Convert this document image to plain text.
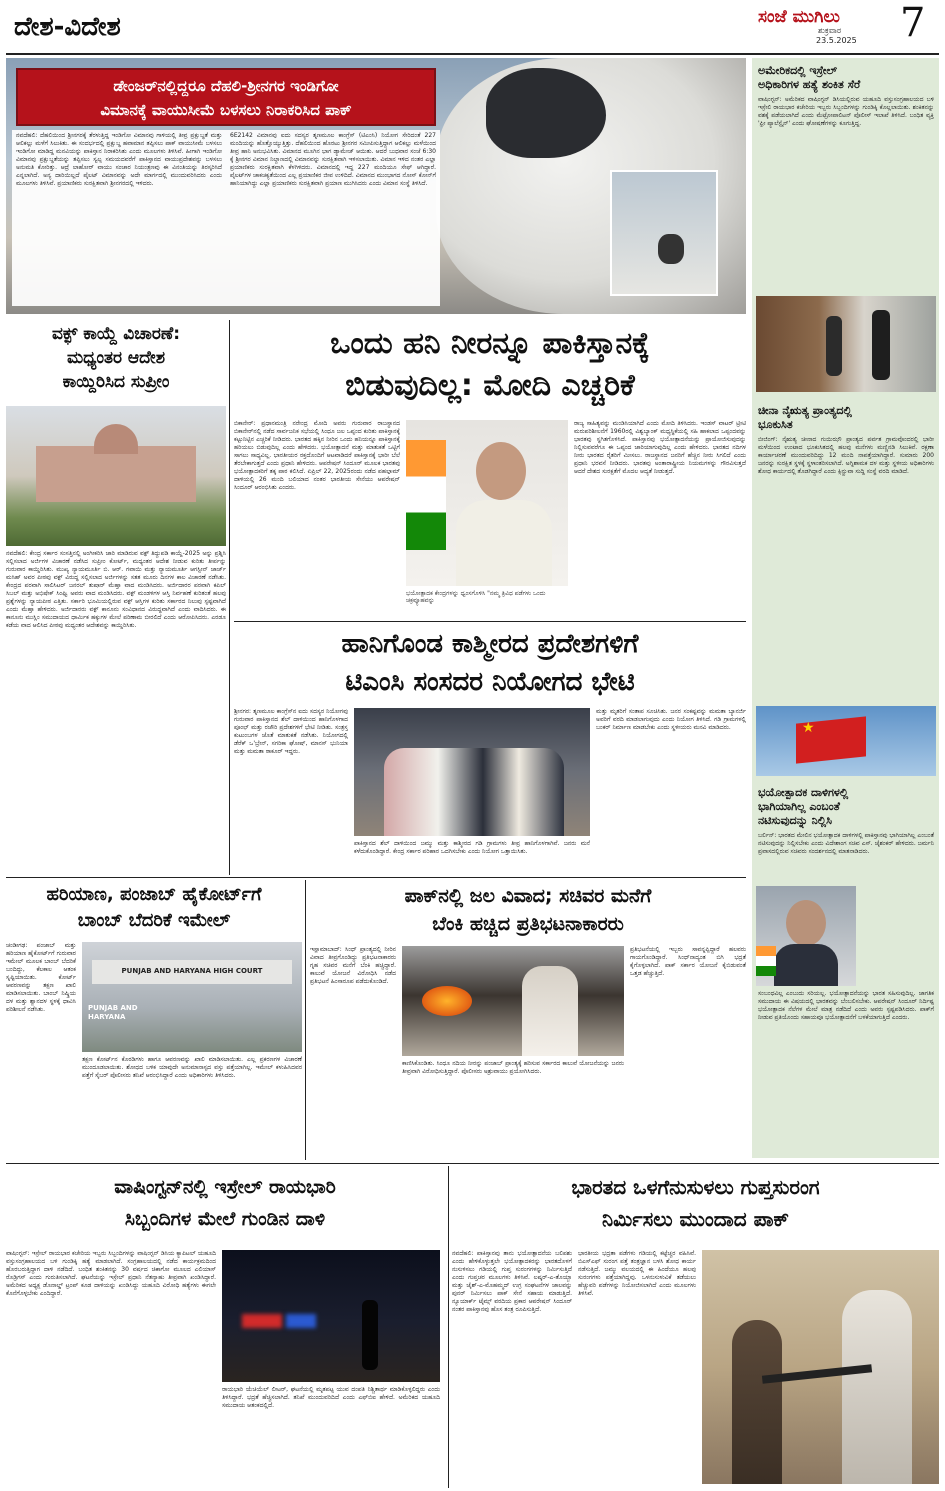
ದೇಶ-ವಿದೇಶ	ಸಂಜೆ ಮುಗಿಲು
ಶುಕ್ರವಾರ
23.5.2025 7
ಡೇಂಜರ್‌ನಲ್ಲಿದ್ದರೂ ದೆಹಲಿ-ಶ್ರೀನಗರ ಇಂಡಿಗೋ
ವಿಮಾನಕ್ಕೆ ವಾಯುಸೀಮೆ ಬಳಸಲು ನಿರಾಕರಿಸಿದ ಪಾಕ್
ನವದೆಹಲಿ: ದೆಹಲಿಯಿಂದ ಶ್ರೀನಗರಕ್ಕೆ ತೆರಳುತ್ತಿದ್ದ ಇಂಡಿಗೋ ವಿಮಾನವು ಗಾಳಿಯಲ್ಲಿ ತೀವ್ರ ಪ್ರಕ್ಷುಬ್ಧತೆ ಮತ್ತು ಆಲಿಕಲ್ಲು ಮಳೆಗೆ ಸಿಲುಕಿತು. ಈ ಸಂದರ್ಭದಲ್ಲಿ ಪ್ರಕ್ಷುಬ್ಧ ಹವಾಮಾನ ತಪ್ಪಿಸಲು ಪಾಕ್ ವಾಯುಸೀಮೆ ಬಳಸಲು ಇಂಡಿಗೋ ಮಾಡಿದ್ದ ಮನವಿಯನ್ನು ಪಾಕಿಸ್ತಾನ ನಿರಾಕರಿಸಿತು ಎಂದು ಮೂಲಗಳು ತಿಳಿಸಿವೆ. ಹೀಗಾಗಿ ಇಂಡಿಗೋ ವಿಮಾನವು ಪ್ರಕ್ಷುಬ್ಧತೆಯನ್ನು ತಪ್ಪಿಸಲು ಸ್ವಲ್ಪ ಸಮಯದವರೆಗೆ ಪಾಕಿಸ್ತಾನದ ವಾಯುಪ್ರದೇಶವನ್ನು ಬಳಸಲು ಅನುಮತಿ ಕೋರಿತ್ತು. ಆದ್ರೆ ಲಾಹೋರ್ ವಾಯು ಸಂಚಾರ ನಿಯಂತ್ರಣವು ಈ ವಿನಂತಿಯನ್ನು ತಿರಸ್ಕರಿಸಿದೆ ಎನ್ನಲಾಗಿದೆ. ಅನ್ಯ ದಾರಿಯಿಲ್ಲದೆ ಪೈಲಟ್ ವಿಮಾನವನ್ನು ಅದೇ ಮಾರ್ಗದಲ್ಲಿ ಮುಂದುವರಿಸಿದರು ಎಂದು ಮೂಲಗಳು ತಿಳಿಸಿವೆ. ಪ್ರಯಾಣಿಕರು ಸುರಕ್ಷಿತವಾಗಿ ಶ್ರೀನಗರದಲ್ಲಿ ಇಳಿದರು.
6E2142 ವಿಮಾನವು ಐದು ಸದಸ್ಯರ ತೃಣಮೂಲ ಕಾಂಗ್ರೆಸ್ (ಟಿಎಂಸಿ) ನಿಯೋಗ ಸೇರಿದಂತೆ 227 ಮಂದಿಯನ್ನು ಹೊತ್ತೊಯ್ಯುತ್ತಿತ್ತು. ದೆಹಲಿಯಿಂದ ಹೊರಟು ಶ್ರೀನಗರ ಸಮೀಪಿಸುತ್ತಿದ್ದಾಗ ಆಲಿಕಲ್ಲು ಮಳೆಯಿಂದ ತೀವ್ರ ಹಾನಿ ಅನುಭವಿಸಿತು. ವಿಮಾನದ ಮೂಗಿನ ಭಾಗ ಡ್ಯಾಮೇಜ್ ಆಯಿತು. ಆದರೆ ಬುಧವಾರ ಸಂಜೆ 6:30 ಕ್ಕೆ ಶ್ರೀನಗರ ವಿಮಾನ ನಿಲ್ದಾಣದಲ್ಲಿ ವಿಮಾನವನ್ನು ಸುರಕ್ಷಿತವಾಗಿ ಇಳಿಸಲಾಯಿತು. ವಿಮಾನ ಇಳಿದ ನಂತರ ಎಲ್ಲಾ ಪ್ರಯಾಣಿಕರು ಸುರಕ್ಷಿತವಾಗಿ ಕೆಳಗಿಳಿದರು. ವಿಮಾನದಲ್ಲಿ ಇದ್ದ 227 ಮಂದಿಯೂ ಸೇಫ್ ಆಗಿದ್ದಾರೆ. ಪೈಲಟ್‌ಗಳ ಚಾಕಚಕ್ಯತೆಯಿಂದ ಎಲ್ಲ ಪ್ರಯಾಣಿಕರ ಜೀವ ಉಳಿದಿದೆ. ವಿಮಾನದ ಮುಂಭಾಗದ ನೋಸ್ ಕೋನ್‌ಗೆ ಹಾನಿಯಾಗಿದ್ದು ಎಲ್ಲಾ ಪ್ರಯಾಣಿಕರು ಸುರಕ್ಷಿತವಾಗಿ ಪ್ರಯಾಣ ಮುಗಿಸಿದರು ಎಂದು ವಿಮಾನ ಸಂಸ್ಥೆ ತಿಳಿಸಿದೆ.
ಅಮೇರಿಕದಲ್ಲಿ ಇಸ್ರೇಲ್
ಅಧಿಕಾರಿಗಳ ಹತ್ಯೆ ಶಂಕಿತ ಸೆರೆ
ವಾಷಿಂಗ್ಟನ್: ಅಮೆರಿಕದ ವಾಷಿಂಗ್ಟನ್ ಡಿಸಿಯಲ್ಲಿರುವ ಯಹೂದಿ ವಸ್ತುಸಂಗ್ರಹಾಲಯದ ಬಳಿ ಇಸ್ರೇಲಿ ರಾಯಭಾರ ಕಚೇರಿಯ ಇಬ್ಬರು ಸಿಬ್ಬಂದಿಗಳನ್ನು ಗುಂಡಿಕ್ಕಿ ಕೊಲ್ಲಲಾಯಿತು. ಶಂಕಿತನನ್ನು ವಶಕ್ಕೆ ಪಡೆಯಲಾಗಿದೆ ಎಂದು ಮೆಟ್ರೋಪಾಲಿಟನ್ ಪೊಲೀಸ್ ಇಲಾಖೆ ತಿಳಿಸಿದೆ. ಬಂಧಿತ ವ್ಯಕ್ತಿ 'ಫ್ರೀ ಪ್ಯಾಲೆಸ್ಟೈನ್' ಎಂದು ಘೋಷಣೆಗಳನ್ನು ಕೂಗುತ್ತಿದ್ದ.
ಚೀನಾ ನೈಋತ್ಯ ಪ್ರಾಂತ್ಯದಲ್ಲಿ
ಭೂಕುಸಿತ
ಬೀಜಿಂಗ್: ನೈಋತ್ಯ ಚೀನಾದ ಗುಯಿಝೌ ಪ್ರಾಂತ್ಯದ ಪರ್ವತ ಗ್ರಾಮವೊಂದರಲ್ಲಿ ಭಾರೀ ಮಳೆಯಿಂದ ಉಂಟಾದ ಭೂಕುಸಿತದಲ್ಲಿ ಹಲವು ಮನೆಗಳು ಮಣ್ಣಿನಡಿ ಸಿಲುಕಿವೆ. ರಕ್ಷಣಾ ಕಾರ್ಯಾಚರಣೆ ಮುಂದುವರಿದಿದ್ದು 12 ಮಂದಿ ನಾಪತ್ತೆಯಾಗಿದ್ದಾರೆ. ಸುಮಾರು 200 ಜನರನ್ನು ಸುರಕ್ಷಿತ ಸ್ಥಳಕ್ಕೆ ಸ್ಥಳಾಂತರಿಸಲಾಗಿದೆ. ಅಗ್ನಿಶಾಮಕ ದಳ ಮತ್ತು ಸ್ಥಳೀಯ ಅಧಿಕಾರಿಗಳು ಶೋಧ ಕಾರ್ಯದಲ್ಲಿ ತೊಡಗಿದ್ದಾರೆ ಎಂದು ಕ್ಸಿನ್ಹುವಾ ಸುದ್ದಿ ಸಂಸ್ಥೆ ವರದಿ ಮಾಡಿದೆ.
★
ಭಯೋತ್ಪಾದಕ ದಾಳಿಗಳಲ್ಲಿ
ಭಾಗಿಯಾಗಿಲ್ಲ ಎಂಬಂತೆ
ನಟಿಸುವುದನ್ನು ನಿಲ್ಲಿಸಿ
ಬರ್ಲಿನ್: ಭಾರತದ ಮೇಲಿನ ಭಯೋತ್ಪಾದಕ ದಾಳಿಗಳಲ್ಲಿ ಪಾಕಿಸ್ತಾನವು ಭಾಗಿಯಾಗಿಲ್ಲ ಎಂಬಂತೆ ನಟಿಸುವುದನ್ನು ನಿಲ್ಲಿಸಬೇಕು ಎಂದು ವಿದೇಶಾಂಗ ಸಚಿವ ಎಸ್. ಜೈಶಂಕರ್ ಹೇಳಿದರು. ಜರ್ಮನಿ ಪ್ರವಾಸದಲ್ಲಿರುವ ಸಚಿವರು ಸಂದರ್ಶನದಲ್ಲಿ ಮಾತನಾಡಿದರು.
ಸಂಬಂಧವಿಲ್ಲ ಎಂಬುದು ಸರಿಯಲ್ಲ. ಭಯೋತ್ಪಾದನೆಯನ್ನು ಭಾರತ ಸಹಿಸುವುದಿಲ್ಲ. ಜಾಗತಿಕ ಸಮುದಾಯ ಈ ವಿಷಯದಲ್ಲಿ ಭಾರತವನ್ನು ಬೆಂಬಲಿಸಬೇಕು. ಆಪರೇಷನ್ ಸಿಂದೂರ್ ನಿರ್ದಿಷ್ಟ ಭಯೋತ್ಪಾದಕ ನೆಲೆಗಳ ಮೇಲೆ ಮಾತ್ರ ನಡೆದಿದೆ ಎಂದು ಅವರು ಸ್ಪಷ್ಟಪಡಿಸಿದರು. ಪಾಕ್‌ಗೆ ನೀಡುವ ಪ್ರತಿಯೊಂದು ಸಹಾಯವೂ ಭಯೋತ್ಪಾದನೆಗೆ ಬಳಕೆಯಾಗುತ್ತಿದೆ ಎಂದರು.
ವಕ್ಫ್ ಕಾಯ್ದೆ ವಿಚಾರಣೆ:
ಮಧ್ಯಂತರ ಆದೇಶ
ಕಾಯ್ದಿರಿಸಿದ ಸುಪ್ರೀಂ
ನವದೆಹಲಿ: ಕೇಂದ್ರ ಸರ್ಕಾರ ಸಂಸತ್ತಿನಲ್ಲಿ ಅಂಗೀಕರಿಸಿ ಜಾರಿ ಮಾಡಿರುವ ವಕ್ಫ್ ತಿದ್ದುಪಡಿ ಕಾಯ್ದೆ-2025 ಅನ್ನು ಪ್ರಶ್ನಿಸಿ ಸಲ್ಲಿಸಲಾದ ಅರ್ಜಿಗಳ ವಿಚಾರಣೆ ನಡೆಸಿದ ಸುಪ್ರೀಂ ಕೋರ್ಟ್, ಮಧ್ಯಂತರ ಆದೇಶ ನೀಡುವ ಕುರಿತು ತೀರ್ಪನ್ನು ಗುರುವಾರ ಕಾಯ್ದಿರಿಸಿತು. ಮುಖ್ಯ ನ್ಯಾಯಮೂರ್ತಿ ಬಿ. ಆರ್. ಗವಾಯಿ ಮತ್ತು ನ್ಯಾಯಮೂರ್ತಿ ಆಗಸ್ಟೀನ್ ಜಾರ್ಜ್ ಮಸಿಹ್ ಅವರ ಪೀಠವು ವಕ್ಫ್ ವಿರುದ್ಧ ಸಲ್ಲಿಸಲಾದ ಅರ್ಜಿಗಳನ್ನು ಸತತ ಮೂರು ದಿನಗಳ ಕಾಲ ವಿಚಾರಣೆ ನಡೆಸಿತು. ಕೇಂದ್ರದ ಪರವಾಗಿ ಸಾಲಿಸಿಟರ್ ಜನರಲ್ ತುಷಾರ್ ಮೆಹ್ತಾ ವಾದ ಮಂಡಿಸಿದರು. ಅರ್ಜಿದಾರರ ಪರವಾಗಿ ಕಪಿಲ್ ಸಿಬಲ್ ಮತ್ತು ಅಭಿಷೇಕ್ ಸಿಂಘ್ವಿ ಅವರು ವಾದ ಮಂಡಿಸಿದರು. ವಕ್ಫ್ ಮಂಡಳಿಗಳ ಆಸ್ತಿ ನಿರ್ವಹಣೆ ಕುರಿತಂತೆ ಹಲವು ಪ್ರಶ್ನೆಗಳನ್ನು ನ್ಯಾಯಪೀಠ ಎತ್ತಿತು. ಸರ್ಕಾರಿ ಭೂಮಿಯಲ್ಲಿರುವ ವಕ್ಫ್ ಆಸ್ತಿಗಳ ಕುರಿತು ಸರ್ಕಾರದ ನಿಲುವು ಸ್ಪಷ್ಟವಾಗಿದೆ ಎಂದು ಮೆಹ್ತಾ ಹೇಳಿದರು. ಅರ್ಜಿದಾರರು ವಕ್ಫ್ ಕಾನೂನು ಸಂವಿಧಾನದ ವಿರುದ್ಧವಾಗಿದೆ ಎಂದು ವಾದಿಸಿದರು. ಈ ಕಾನೂನು ಮುಸ್ಲಿಂ ಸಮುದಾಯದ ಧಾರ್ಮಿಕ ಹಕ್ಕುಗಳ ಮೇಲೆ ಪರಿಣಾಮ ಬೀರಲಿದೆ ಎಂದು ಆರೋಪಿಸಿದರು. ಎರಡೂ ಕಡೆಯ ವಾದ ಆಲಿಸಿದ ಪೀಠವು ಮಧ್ಯಂತರ ಆದೇಶವನ್ನು ಕಾಯ್ದಿರಿಸಿತು.
ಒಂದು ಹನಿ ನೀರನ್ನೂ ಪಾಕಿಸ್ತಾನಕ್ಕೆ
ಬಿಡುವುದಿಲ್ಲ: ಮೋದಿ ಎಚ್ಚರಿಕೆ
ಬಿಕಾನೇರ್: ಪ್ರಧಾನಮಂತ್ರಿ ನರೇಂದ್ರ ಮೋದಿ ಅವರು ಗುರುವಾರ ರಾಜಸ್ಥಾನದ ಬಿಕಾನೇರ್‌ನಲ್ಲಿ ನಡೆದ ಸಾರ್ವಜನಿಕ ಸಭೆಯಲ್ಲಿ ಸಿಂಧೂ ಜಲ ಒಪ್ಪಂದ ಕುರಿತು ಪಾಕಿಸ್ತಾನಕ್ಕೆ ಕಟ್ಟುನಿಟ್ಟಿನ ಎಚ್ಚರಿಕೆ ನೀಡಿದರು. ಭಾರತದ ಹಕ್ಕಿನ ನೀರಿನ ಒಂದು ಹನಿಯನ್ನೂ ಪಾಕಿಸ್ತಾನಕ್ಕೆ ಹರಿಯಲು ಬಿಡುವುದಿಲ್ಲ ಎಂದು ಹೇಳಿದರು. ಭಯೋತ್ಪಾದನೆ ಮತ್ತು ಮಾತುಕತೆ ಒಟ್ಟಿಗೆ ಸಾಗಲು ಸಾಧ್ಯವಿಲ್ಲ. ಭಾರತೀಯರ ರಕ್ತದೊಂದಿಗೆ ಆಟವಾಡಿದರೆ ಪಾಕಿಸ್ತಾನಕ್ಕೆ ಭಾರೀ ಬೆಲೆ ತೆರಬೇಕಾಗುತ್ತದೆ ಎಂದು ಪ್ರಧಾನಿ ಹೇಳಿದರು. ಆಪರೇಷನ್ ಸಿಂದೂರ್ ಮೂಲಕ ಭಾರತವು ಭಯೋತ್ಪಾದಕರಿಗೆ ತಕ್ಕ ಪಾಠ ಕಲಿಸಿದೆ. ಏಪ್ರಿಲ್ 22, 2025ರಂದು ನಡೆದ ಪಹಲ್ಗಾಮ್ ದಾಳಿಯಲ್ಲಿ 26 ಮಂದಿ ಬಲಿಯಾದ ನಂತರ ಭಾರತೀಯ ಸೇನೆಯು ಆಪರೇಷನ್ ಸಿಂದೂರ್ ಆರಂಭಿಸಿತು ಎಂದರು.
ಭಯೋತ್ಪಾದಕ ಕೇಂದ್ರಗಳನ್ನು ಧ್ವಂಸಗೊಳಿಸಿ "ನಮ್ಮ ತ್ರಿವಿಧ ಪಡೆಗಳು ಒಂದು ಚಕ್ರವ್ಯೂಹವನ್ನು
ರಾಜ್ಯ ಸಾಹಿತ್ಯವನ್ನು ಮಂಡಿಸಿಯಾಗಿದೆ ಎಂದು ಮೋದಿ ತಿಳಿಸಿದರು. ಇಂಡಸ್ ವಾಟರ್ ಟ್ರೀಟಿ ಮರುಪರಿಶೀಲನೆಗೆ 1960ರಲ್ಲಿ ವಿಶ್ವಬ್ಯಾಂಕ್ ಮಧ್ಯಸ್ಥಿಕೆಯಲ್ಲಿ ಸಹಿ ಹಾಕಲಾದ ಒಪ್ಪಂದವನ್ನು ಭಾರತವು ಸ್ಥಗಿತಗೊಳಿಸಿದೆ. ಪಾಕಿಸ್ತಾನವು ಭಯೋತ್ಪಾದನೆಯನ್ನು ಪ್ರಾಯೋಜಿಸುವುದನ್ನು ನಿಲ್ಲಿಸುವವರೆಗೂ ಈ ಒಪ್ಪಂದ ಜಾರಿಯಾಗುವುದಿಲ್ಲ ಎಂದು ಹೇಳಿದರು. ಭಾರತದ ನದಿಗಳ ನೀರು ಭಾರತದ ರೈತರಿಗೆ ಮೀಸಲು. ರಾಜಸ್ಥಾನದ ಜನರಿಗೆ ಹೆಚ್ಚಿನ ನೀರು ಸಿಗಲಿದೆ ಎಂದು ಪ್ರಧಾನಿ ಭರವಸೆ ನೀಡಿದರು. ಭಾರತವು ಅಂತಾರಾಷ್ಟ್ರೀಯ ನಿಯಮಗಳನ್ನು ಗೌರವಿಸುತ್ತದೆ ಆದರೆ ದೇಶದ ಸುರಕ್ಷತೆಗೆ ಮೊದಲ ಆದ್ಯತೆ ನೀಡುತ್ತದೆ.
ಹಾನಿಗೊಂಡ ಕಾಶ್ಮೀರದ ಪ್ರದೇಶಗಳಿಗೆ
ಟಿಎಂಸಿ ಸಂಸದರ ನಿಯೋಗದ ಭೇಟಿ
ಶ್ರೀನಗರ: ತೃಣಮೂಲ ಕಾಂಗ್ರೆಸ್‌ನ ಐದು ಸದಸ್ಯರ ನಿಯೋಗವು ಗುರುವಾರ ಪಾಕಿಸ್ತಾನದ ಶೆಲ್ ದಾಳಿಯಿಂದ ಹಾನಿಗೊಳಗಾದ ಪೂಂಛ್ ಮತ್ತು ರಜೌರಿ ಪ್ರದೇಶಗಳಿಗೆ ಭೇಟಿ ನೀಡಿತು. ಸಂತ್ರಸ್ತ ಕುಟುಂಬಗಳ ಜೊತೆ ಮಾತುಕತೆ ನಡೆಸಿತು. ನಿಯೋಗದಲ್ಲಿ ಡೆರೆಕ್ ಒ'ಬ್ರೇನ್, ಸಗರಿಕಾ ಘೋಷ್, ಮಾನಸ್ ಭುನಿಯಾ ಮತ್ತು ಮಮತಾ ಠಾಕೂರ್ ಇದ್ದರು.
ಪಾಕಿಸ್ತಾನದ ಶೆಲ್ ದಾಳಿಯಿಂದ ಜಮ್ಮು ಮತ್ತು ಕಾಶ್ಮೀರದ ಗಡಿ ಗ್ರಾಮಗಳು ತೀವ್ರ ಹಾನಿಗೊಳಗಾಗಿವೆ. ಜನರು ಮನೆ ಕಳೆದುಕೊಂಡಿದ್ದಾರೆ. ಕೇಂದ್ರ ಸರ್ಕಾರ ಪರಿಹಾರ ಒದಗಿಸಬೇಕು ಎಂದು ನಿಯೋಗ ಒತ್ತಾಯಿಸಿತು.
ಮತ್ತು ಮೃತರಿಗೆ ಸಂತಾಪ ಸೂಚಿಸಿತು. ಜನರ ಸಂಕಷ್ಟವನ್ನು ಮಮತಾ ಬ್ಯಾನರ್ಜಿ ಅವರಿಗೆ ವರದಿ ಮಾಡಲಾಗುವುದು ಎಂದು ನಿಯೋಗ ತಿಳಿಸಿದೆ. ಗಡಿ ಗ್ರಾಮಗಳಲ್ಲಿ ಬಂಕರ್ ನಿರ್ಮಾಣ ಮಾಡಬೇಕು ಎಂದು ಸ್ಥಳೀಯರು ಮನವಿ ಮಾಡಿದರು.
ಹರಿಯಾಣ, ಪಂಜಾಬ್ ಹೈಕೋರ್ಟ್‌ಗೆ
ಬಾಂಬ್ ಬೆದರಿಕೆ ಇಮೇಲ್
ಚಂಡೀಗಢ: ಪಂಜಾಬ್ ಮತ್ತು ಹರಿಯಾಣ ಹೈಕೋರ್ಟ್‌ಗೆ ಗುರುವಾರ ಇಮೇಲ್ ಮೂಲಕ ಬಾಂಬ್ ಬೆದರಿಕೆ ಬಂದಿದ್ದು, ಕೆಲಕಾಲ ಆತಂಕ ಸೃಷ್ಟಿಯಾಯಿತು. ಕೋರ್ಟ್ ಆವರಣವನ್ನು ತಕ್ಷಣ ಖಾಲಿ ಮಾಡಿಸಲಾಯಿತು. ಬಾಂಬ್ ನಿಷ್ಕ್ರಿಯ ದಳ ಮತ್ತು ಶ್ವಾನದಳ ಸ್ಥಳಕ್ಕೆ ಧಾವಿಸಿ ಪರಿಶೀಲನೆ ನಡೆಸಿತು.
PUNJAB AND HARYANA HIGH COURT
PUNJAB AND HARYANA
ತಕ್ಷಣ ಕೋರ್ಟ್‌ನ ಕೊಠಡಿಗಳು ಹಾಗೂ ಆವರಣವನ್ನು ಖಾಲಿ ಮಾಡಿಸಲಾಯಿತು. ಎಲ್ಲ ಪ್ರಕರಣಗಳ ವಿಚಾರಣೆ ಮುಂದೂಡಲಾಯಿತು. ಶೋಧದ ಬಳಿಕ ಯಾವುದೇ ಅನುಮಾನಾಸ್ಪದ ವಸ್ತು ಪತ್ತೆಯಾಗಿಲ್ಲ. ಇಮೇಲ್ ಕಳುಹಿಸಿದವರ ಪತ್ತೆಗೆ ಸೈಬರ್ ಪೊಲೀಸರು ತನಿಖೆ ಆರಂಭಿಸಿದ್ದಾರೆ ಎಂದು ಅಧಿಕಾರಿಗಳು ತಿಳಿಸಿದರು.
ಪಾಕ್‌ನಲ್ಲಿ ಜಲ ವಿವಾದ; ಸಚಿವರ ಮನೆಗೆ
ಬೆಂಕಿ ಹಚ್ಚಿದ ಪ್ರತಿಭಟನಾಕಾರರು
ಇಸ್ಲಾಮಾಬಾದ್: ಸಿಂಧ್ ಪ್ರಾಂತ್ಯದಲ್ಲಿ ನೀರಿನ ವಿವಾದ ತೀವ್ರಗೊಂಡಿದ್ದು ಪ್ರತಿಭಟನಾಕಾರರು ಗೃಹ ಸಚಿವರ ಮನೆಗೆ ಬೆಂಕಿ ಹಚ್ಚಿದ್ದಾರೆ. ಕಾಲುವೆ ಯೋಜನೆ ವಿರೋಧಿಸಿ ನಡೆದ ಪ್ರತಿಭಟನೆ ಹಿಂಸಾರೂಪ ಪಡೆದುಕೊಂಡಿದೆ.
ಕಾಣಿಸಿಕೊಂಡಿತು. ಸಿಂಧೂ ನದಿಯ ನೀರನ್ನು ಪಂಜಾಬ್ ಪ್ರಾಂತ್ಯಕ್ಕೆ ಹರಿಸುವ ಸರ್ಕಾರದ ಕಾಲುವೆ ಯೋಜನೆಯನ್ನು ಜನರು ತೀವ್ರವಾಗಿ ವಿರೋಧಿಸುತ್ತಿದ್ದಾರೆ. ಪೊಲೀಸರು ಅಶ್ರುವಾಯು ಪ್ರಯೋಗಿಸಿದರು.
ಪ್ರತಿಭಟನೆಯಲ್ಲಿ ಇಬ್ಬರು ಸಾವನ್ನಪ್ಪಿದ್ದಾರೆ ಹಲವರು ಗಾಯಗೊಂಡಿದ್ದಾರೆ. ಸಿಂಧ್‌ನಾದ್ಯಂತ ಬಿಗಿ ಭದ್ರತೆ ಕೈಗೊಳ್ಳಲಾಗಿದೆ. ಪಾಕ್ ಸರ್ಕಾರ ಯೋಜನೆ ಕೈಬಿಡುವಂತೆ ಒತ್ತಡ ಹೆಚ್ಚುತ್ತಿದೆ.
ವಾಷಿಂಗ್ಟನ್‌ನಲ್ಲಿ ಇಸ್ರೇಲ್ ರಾಯಭಾರಿ
ಸಿಬ್ಬಂದಿಗಳ ಮೇಲೆ ಗುಂಡಿನ ದಾಳಿ
ವಾಷಿಂಗ್ಟನ್: ಇಸ್ರೇಲ್ ರಾಯಭಾರ ಕಚೇರಿಯ ಇಬ್ಬರು ಸಿಬ್ಬಂದಿಗಳನ್ನು ವಾಷಿಂಗ್ಟನ್ ಡಿಸಿಯ ಕ್ಯಾಪಿಟಲ್ ಯಹೂದಿ ವಸ್ತುಸಂಗ್ರಹಾಲಯದ ಬಳಿ ಗುಂಡಿಕ್ಕಿ ಹತ್ಯೆ ಮಾಡಲಾಗಿದೆ. ಸಂಗ್ರಹಾಲಯದಲ್ಲಿ ನಡೆದ ಕಾರ್ಯಕ್ರಮದಿಂದ ಹೊರಬರುತ್ತಿದ್ದಾಗ ದಾಳಿ ನಡೆದಿದೆ. ಬಂಧಿತ ಶಂಕಿತನನ್ನು 30 ವರ್ಷದ ಚಿಕಾಗೋ ಮೂಲದ ಎಲಿಯಾಸ್ ರೊಡ್ರಿಗಸ್ ಎಂದು ಗುರುತಿಸಲಾಗಿದೆ. ಘಟನೆಯನ್ನು ಇಸ್ರೇಲ್ ಪ್ರಧಾನಿ ನೆತನ್ಯಾಹು ತೀವ್ರವಾಗಿ ಖಂಡಿಸಿದ್ದಾರೆ. ಅಮೆರಿಕದ ಅಧ್ಯಕ್ಷ ಡೊನಾಲ್ಡ್ ಟ್ರಂಪ್ ಕೂಡ ದಾಳಿಯನ್ನು ಖಂಡಿಸಿದ್ದು ಯಹೂದಿ ವಿರೋಧಿ ಹತ್ಯೆಗಳು ಈಗಲೇ ಕೊನೆಗೊಳ್ಳಬೇಕು ಎಂದಿದ್ದಾರೆ.
ರಾಯಭಾರಿ ಯೆಚಿಯೆಲ್ ಲೀಟರ್, ಘಟನೆಯಲ್ಲಿ ಮೃತಪಟ್ಟ ಯುವ ದಂಪತಿ ನಿಶ್ಚಿತಾರ್ಥ ಮಾಡಿಕೊಳ್ಳಲಿದ್ದರು ಎಂದು ತಿಳಿಸಿದ್ದಾರೆ. ಭದ್ರತೆ ಹೆಚ್ಚಿಸಲಾಗಿದೆ. ತನಿಖೆ ಮುಂದುವರಿದಿದೆ ಎಂದು ಎಫ್‌ಬಿಐ ಹೇಳಿದೆ. ಅಮೆರಿಕದ ಯಹೂದಿ ಸಮುದಾಯ ಆತಂಕದಲ್ಲಿದೆ.
ಭಾರತದ ಒಳಗೆನುಸುಳಲು ಗುಪ್ತಸುರಂಗ
ನಿರ್ಮಿಸಲು ಮುಂದಾದ ಪಾಕ್
ನವದೆಹಲಿ: ಪಾಕಿಸ್ತಾನವು ತಾನು ಭಯೋತ್ಪಾದನೆಯ ಬಲಿಪಶು ಎಂದು ಹೇಳಿಕೊಳ್ಳುತ್ತಲೇ ಭಯೋತ್ಪಾದಕರನ್ನು ಭಾರತದೊಳಗೆ ನುಸುಳಿಸಲು ಗಡಿಯಲ್ಲಿ ಗುಪ್ತ ಸುರಂಗಗಳನ್ನು ನಿರ್ಮಿಸುತ್ತಿದೆ ಎಂದು ಗುಪ್ತಚರ ಮೂಲಗಳು ತಿಳಿಸಿವೆ. ಲಷ್ಕರ್-ಎ-ತೊಯ್ಬಾ ಮತ್ತು ಜೈಶ್-ಎ-ಮೊಹಮ್ಮದ್ ಉಗ್ರ ಸಂಘಟನೆಗಳ ಜಾಲವನ್ನು ಪುನರ್ ನಿರ್ಮಿಸಲು ಪಾಕ್ ಸೇನೆ ಸಹಾಯ ಮಾಡುತ್ತಿದೆ. ನ್ಯೂಯಾರ್ಕ್ ಟೈಮ್ಸ್ ವರದಿಯ ಪ್ರಕಾರ ಆಪರೇಷನ್ ಸಿಂದೂರ್ ನಂತರ ಪಾಕಿಸ್ತಾನವು ಹೊಸ ತಂತ್ರ ರೂಪಿಸುತ್ತಿದೆ.
ಭಾರತೀಯ ಭದ್ರತಾ ಪಡೆಗಳು ಗಡಿಯಲ್ಲಿ ಕಟ್ಟೆಚ್ಚರ ವಹಿಸಿವೆ. ಬಿಎಸ್‌ಎಫ್ ಸುರಂಗ ಪತ್ತೆ ತಂತ್ರಜ್ಞಾನ ಬಳಸಿ ಶೋಧ ಕಾರ್ಯ ನಡೆಸುತ್ತಿದೆ. ಜಮ್ಮು ವಲಯದಲ್ಲಿ ಈ ಹಿಂದೆಯೂ ಹಲವು ಸುರಂಗಗಳು ಪತ್ತೆಯಾಗಿದ್ದವು. ಒಳನುಸುಳುವಿಕೆ ತಡೆಯಲು ಹೆಚ್ಚುವರಿ ಪಡೆಗಳನ್ನು ನಿಯೋಜಿಸಲಾಗಿದೆ ಎಂದು ಮೂಲಗಳು ತಿಳಿಸಿವೆ.
